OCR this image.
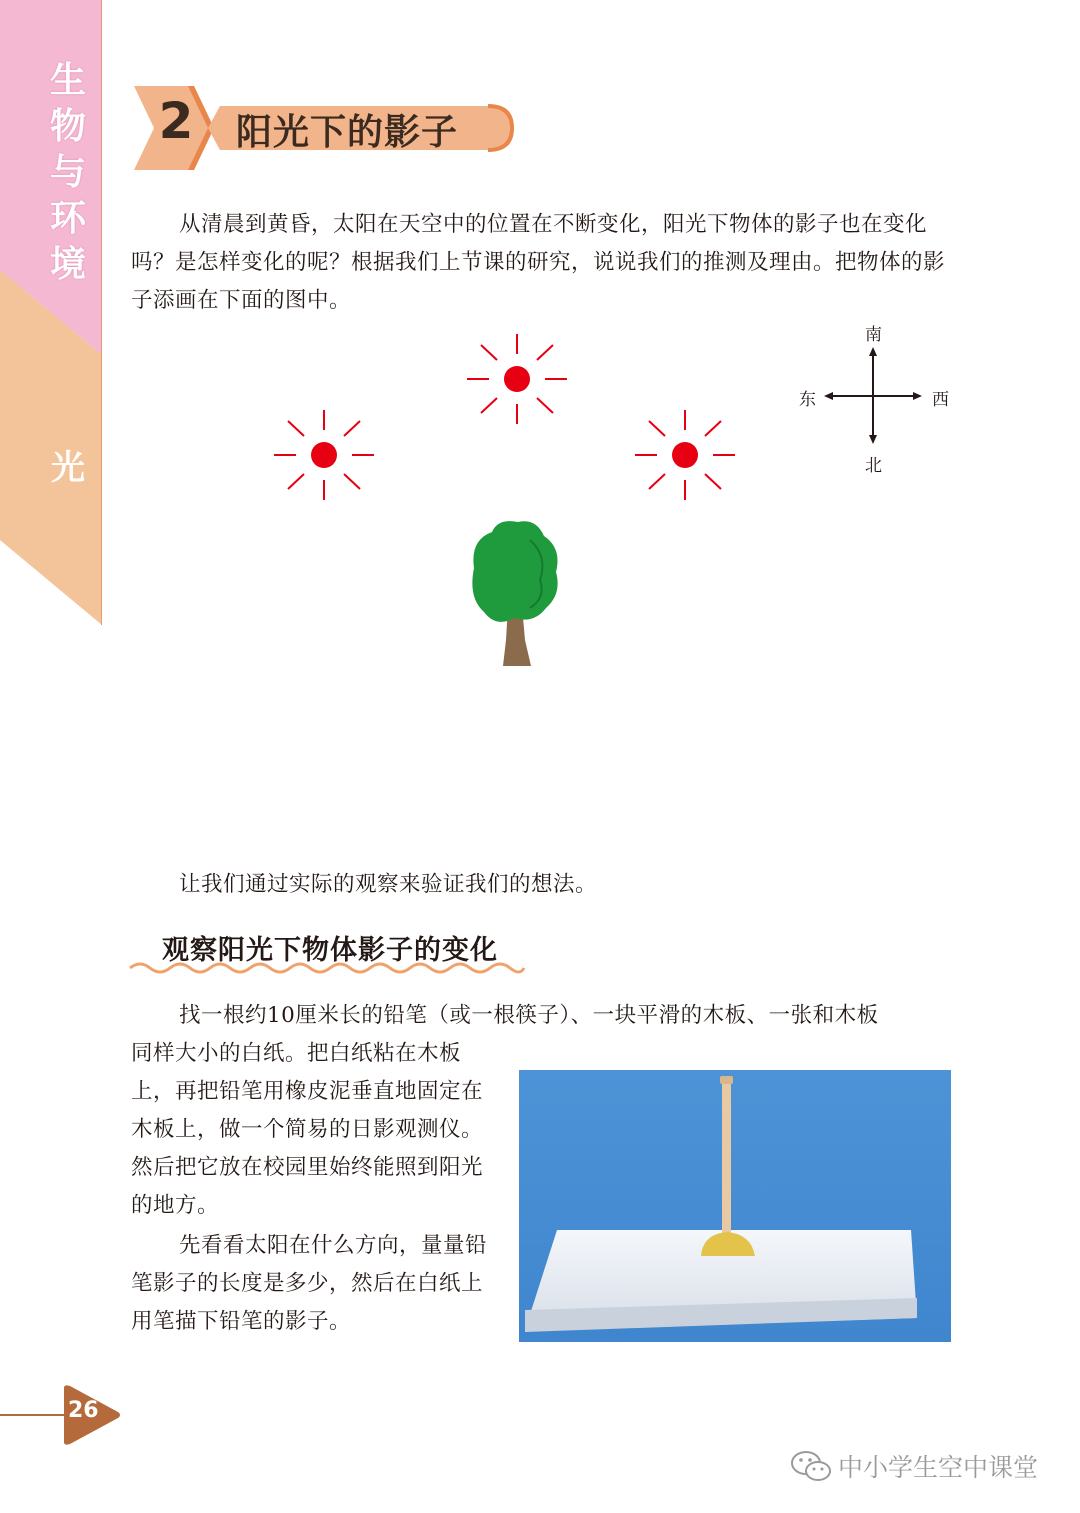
生
物
与
环
境
光
2	阳光下的影子
从清晨到黄昏，太阳在天空中的位置在不断变化，阳光下物体的影子也在变化吗？是怎样变化的呢？根据我们上节课的研究，说说我们的推测及理由。把物体的影子添画在下面的图中。
南
北
东	西
让我们通过实际的观察来验证我们的想法。
观察阳光下物体影子的变化
找一根约10厘米长的铅笔（或一根筷子）、一块平滑的木板、一张和木板
同样大小的白纸。把白纸粘在木板上，再把铅笔用橡皮泥垂直地固定在木板上，做一个简易的日影观测仪。然后把它放在校园里始终能照到阳光的地方。
先看看太阳在什么方向，量量铅笔影子的长度是多少，然后在白纸上用笔描下铅笔的影子。
26
中小学生空中课堂
